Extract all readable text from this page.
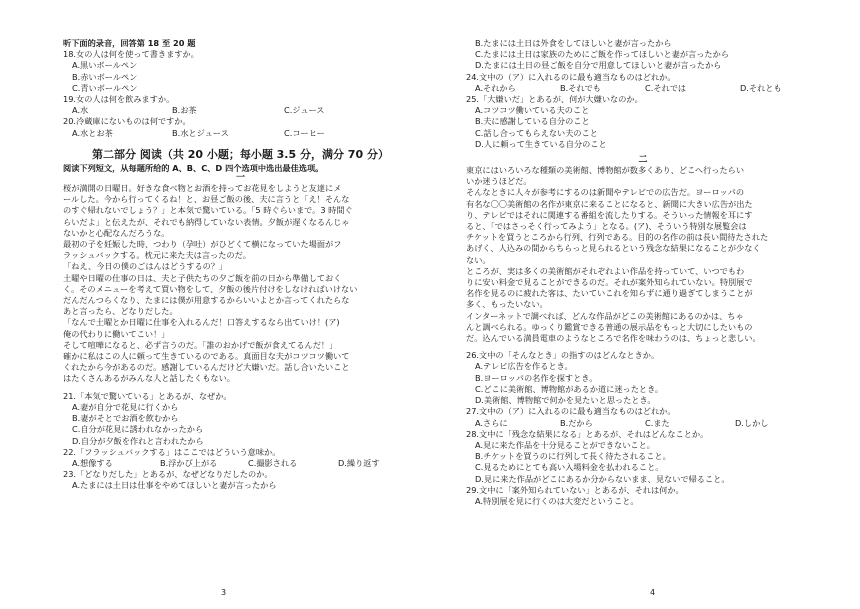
听下面的录音，回答第 18 至 20 题
18.女の人は何を使って書きますか。
A.黒いボールペン
B.赤いボールペン
C.青いボールペン
19.女の人は何を飲みますか。
A.水	B.お茶	C.ジュース
20.冷蔵庫にないものは何ですか。
A.水とお茶	B.水とジュース	C.コーヒー
第二部分 阅读（共 20 小题；每小题 3.5 分，满分 70 分）
阅读下列短文，从每题所给的 A、B、C、D 四个选项中选出最佳选项。
一
桜が満開の日曜日。好きな食べ物とお酒を持ってお花見をしようと友達にメ
ールした。今から行ってくるね！と、お昼ご飯の後、夫に言うと「え！そんな
のすぐ帰れないでしょう？」と本気で驚いている。「5 時ぐらいまで。3 時間ぐ
らいだよ」と伝えたが、それでも納得していない表情。夕飯が遅くなるんじゃ
ないかと心配なんだろうな。
最初の子を妊娠した時、つわり（孕吐）がひどくて横になっていた場面がフ
ラッシュバックする。枕元に来た夫は言ったのだ。
「ねえ、今日の僕のごはんはどうするの？」
土曜や日曜の仕事の日は、夫と子供たちの夕ご飯を前の日から準備しておく
く。そのメニューを考えて買い物をして、夕飯の後片付けをしなければいけない
だんだんつらくなり、たまには僕が用意するからいいよとか言ってくれたらな
あと言ったら、どなりだした。
「なんで土曜とか日曜に仕事を入れるんだ！口答えするなら出ていけ！(ア)
俺の代わりに働いてこい！」
そして喧嘩になると、必ず言うのだ。「誰のおかげで飯が食えてるんだ！」
確かに私はこの人に頼って生きているのである。真面目な夫がコツコツ働いて
くれたから今があるのだ。感謝しているんだけど大嫌いだ。話し合いたいこと
はたくさんあるがみんな人と話したくもない。
21.「本気で驚いている」とあるが、なぜか。
A.妻が自分で花見に行くから
B.妻がそとでお酒を飲むから
C.自分が花見に誘われなかったから
D.自分が夕飯を作れと言われたから
22.「フラッシュバックする」はここではどういう意味か。
A.想像する	B.浮かび上がる	C.撮影される	D.繰り返す
23.「どなりだした」とあるが、なぜどなりだしたのか。
A.たまには土日は仕事をやめてほしいと妻が言ったから
3
B.たまには土日は外食をしてほしいと妻が言ったから
C.たまには土日は家族のためにご飯を作ってほしいと妻が言ったから
D.たまには土日の昼ご飯を自分で用意してほしいと妻が言ったから
24.文中の（ア）に入れるのに最も適当なものはどれか。
A.それから	B.それでも	C.それでは	D.それとも
25.「大嫌いだ」とあるが、何が大嫌いなのか。
A.コツコツ働いている夫のこと
B.夫に感謝している自分のこと
C.話し合ってもらえない夫のこと
D.人に頼って生きている自分のこと
二
東京にはいろいろな種類の美術館、博物館が数多くあり、どこへ行ったらい
いか迷うほどだ。
そんなときに人々が参考にするのは新聞やテレビでの広告だ。ヨーロッパの
有名な〇〇美術館の名作が東京に来ることになると、新聞に大きい広告が出た
り、テレビではそれに関連する番組を流したりする。そういった情報を耳にす
ると、「ではさっそく行ってみよう」となる。(ア)、そういう特別な展覧会は
チケットを買うところから行列、行列である。目的の名作の前は長い間待たされた
あげく、人込みの間からちらっと見られるという残念な結果になることが少なく
ない。
ところが、実は多くの美術館がそれぞれよい作品を持っていて、いつでもわ
りに安い料金で見ることができるのだ。それが案外知られていない。特別展で
名作を見るのに疲れた客は、たいていこれを知らずに通り過ぎてしまうことが
多く、もったいない。
インターネットで調べれば、どんな作品がどこの美術館にあるのかは、ちゃ
んと調べられる。ゆっくり鑑賞できる普通の展示品をもっと大切にしたいもの
だ。込んでいる満員電車のようなところで名作を味わうのは、ちょっと悲しい。
26.文中の「そんなとき」の指すのはどんなときか。
A.テレビ広告を作るとき。
B.ヨーロッパの名作を探すとき。
C.どこに美術館、博物館があるか道に迷ったとき。
D.美術館、博物館で何かを見たいと思ったとき。
27.文中の（ア）に入れるのに最も適当なものはどれか。
A.さらに	B.だから	C.また	D.しかし
28.文中に「残念な結果になる」とあるが、それはどんなことか。
A.見に来た作品を十分見ることができないこと。
B.チケットを買うのに行列して長く待たされること。
C.見るためにとても高い入場料金を払われること。
D.見に来た作品がどこにあるか分からないまま、見ないで帰ること。
29.文中に「案外知られていない」とあるが、それは何か。
A.特別展を見に行くのは大変だということ。
4
